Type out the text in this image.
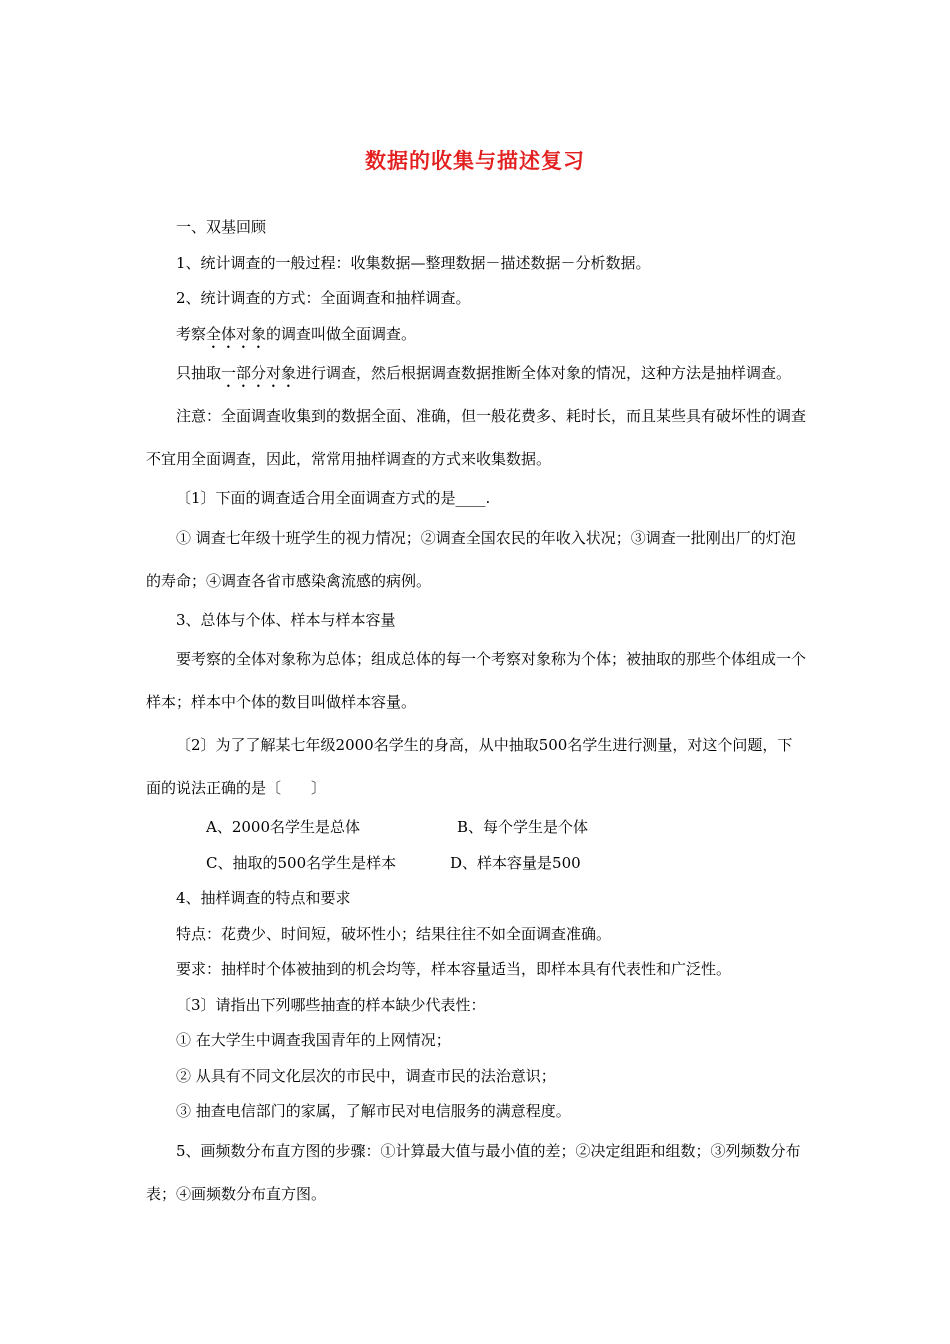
数据的收集与描述复习

一、双基回顾

1、统计调查的一般过程：收集数据—整理数据－描述数据－分析数据。

2、统计调查的方式：全面调查和抽样调查。

考察全体对象的调查叫做全面调查。

只抽取一部分对象进行调查，然后根据调查数据推断全体对象的情况，这种方法是抽样调查。

注意：全面调查收集到的数据全面、准确，但一般花费多、耗时长，而且某些具有破坏性的调查不宜用全面调查，因此，常常用抽样调查的方式来收集数据。

〔1〕下面的调查适合用全面调查方式的是____.

① 调查七年级十班学生的视力情况；②调查全国农民的年收入状况；③调查一批刚出厂的灯泡的寿命；④调查各省市感染禽流感的病例。

3、总体与个体、样本与样本容量

要考察的全体对象称为总体；组成总体的每一个考察对象称为个体；被抽取的那些个体组成一个样本；样本中个体的数目叫做样本容量。

〔2〕为了了解某七年级2000名学生的身高，从中抽取500名学生进行测量，对这个问题，下面的说法正确的是〔　　〕

A、2000名学生是总体	B、每个学生是个体

C、抽取的500名学生是样本	D、样本容量是500

4、抽样调查的特点和要求

特点：花费少、时间短，破坏性小；结果往往不如全面调查准确。

要求：抽样时个体被抽到的机会均等，样本容量适当，即样本具有代表性和广泛性。

〔3〕请指出下列哪些抽查的样本缺少代表性：

① 在大学生中调查我国青年的上网情况；

② 从具有不同文化层次的市民中，调查市民的法治意识；

③ 抽查电信部门的家属，了解市民对电信服务的满意程度。

5、画频数分布直方图的步骤：①计算最大值与最小值的差；②决定组距和组数；③列频数分布表；④画频数分布直方图。
